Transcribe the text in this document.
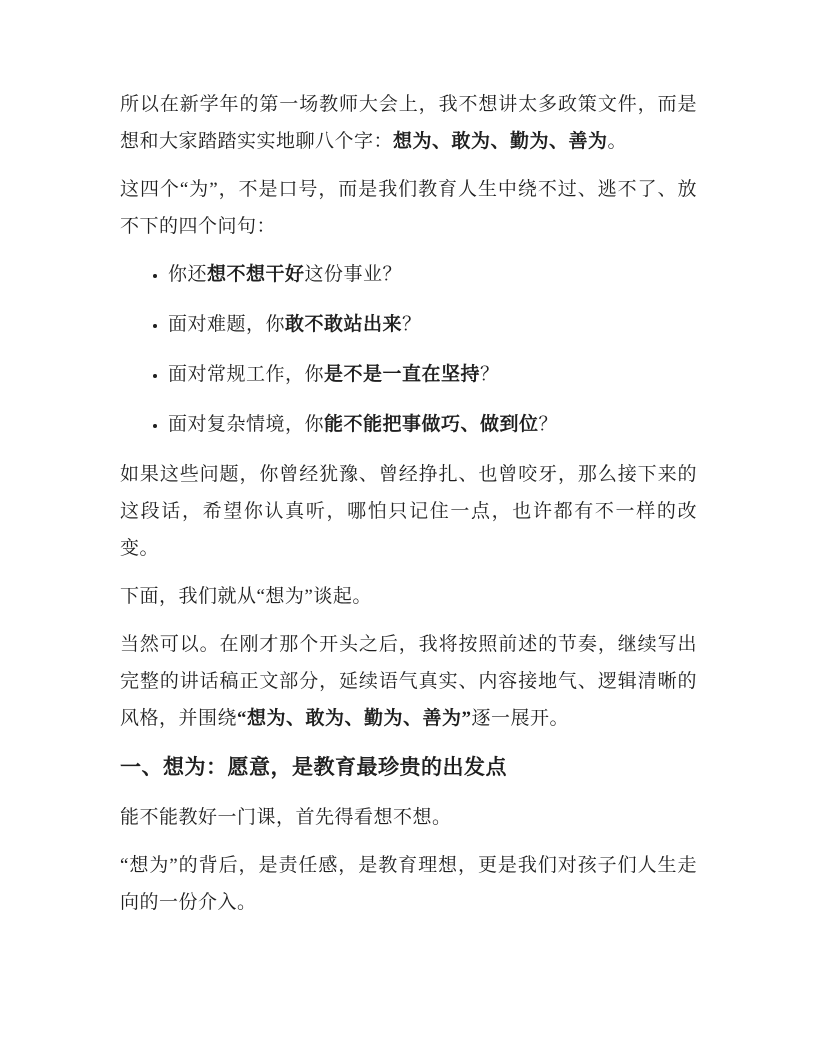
所以在新学年的第一场教师大会上，我不想讲太多政策文件，而是想和大家踏踏实实地聊八个字：想为、敢为、勤为、善为。

这四个“为”，不是口号，而是我们教育人生中绕不过、逃不了、放不下的四个问句：

• 你还想不想干好这份事业？
• 面对难题，你敢不敢站出来？
• 面对常规工作，你是不是一直在坚持？
• 面对复杂情境，你能不能把事做巧、做到位？

如果这些问题，你曾经犹豫、曾经挣扎、也曾咬牙，那么接下来的这段话，希望你认真听，哪怕只记住一点，也许都有不一样的改变。

下面，我们就从“想为”谈起。

当然可以。在刚才那个开头之后，我将按照前述的节奏，继续写出完整的讲话稿正文部分，延续语气真实、内容接地气、逻辑清晰的风格，并围绕“想为、敢为、勤为、善为”逐一展开。

一、想为：愿意，是教育最珍贵的出发点

能不能教好一门课，首先得看想不想。

“想为”的背后，是责任感，是教育理想，更是我们对孩子们人生走向的一份介入。
